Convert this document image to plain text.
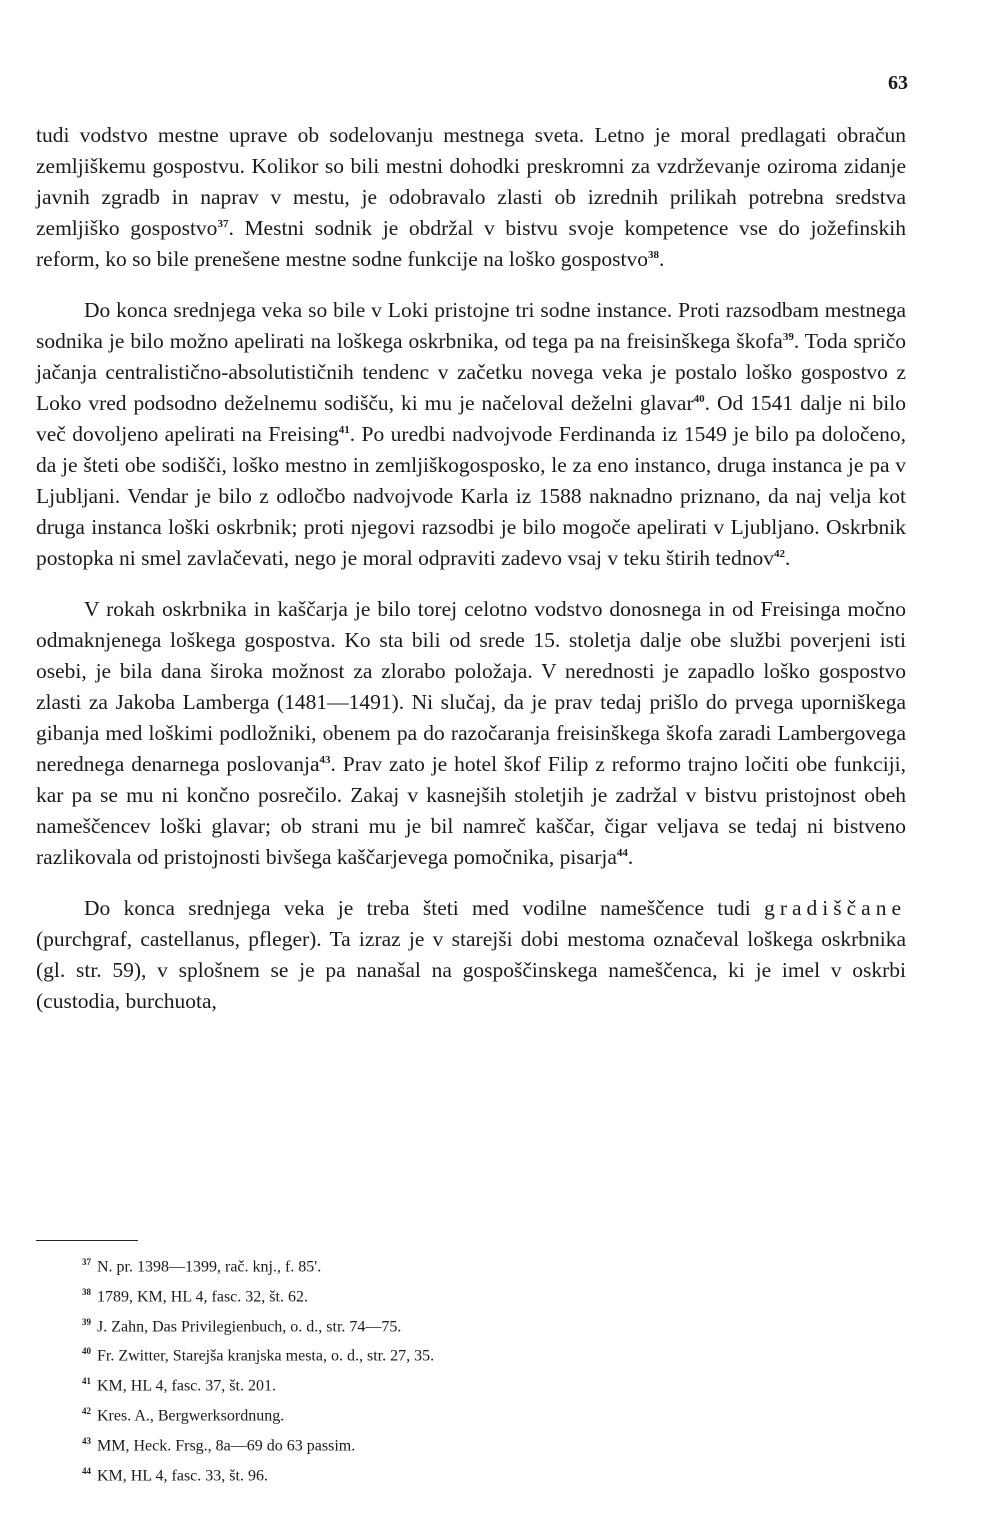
63

tudi vodstvo mestne uprave ob sodelovanju mestnega sveta. Letno je moral predlagati obračun zemljiškemu gospostvu. Kolikor so bili mestni dohodki preskromni za vzdrževanje oziroma zidanje javnih zgradb in naprav v mestu, je odobravalo zlasti ob izrednih prilikah potrebna sredstva zemljiško gospostvo$^{37}$. Mestni sodnik je obdržal v bistvu svoje kompetence vse do jožefinskih reform, ko so bile prenešene mestne sodne funkcije na loško gospostvo$^{38}$.

Do konca srednjega veka so bile v Loki pristojne tri sodne instance. Proti razsodbam mestnega sodnika je bilo možno apelirati na loškega oskrbnika, od tega pa na freisinškega škofa$^{39}$. Toda spričo jačanja centralistično-absolutističnih tendenc v začetku novega veka je postalo loško gospostvo z Loko vred podsodno deželnemu sodišču, ki mu je načeloval deželni glavar$^{40}$. Od 1541 dalje ni bilo več dovoljeno apelirati na Freising$^{41}$. Po uredbi nadvojvode Ferdinanda iz 1549 je bilo pa določeno, da je šteti obe sodišči, loško mestno in zemljiškogosposko, le za eno instanco, druga instanca je pa v Ljubljani. Vendar je bilo z odločbo nadvojvode Karla iz 1588 naknadno priznano, da naj velja kot druga instanca loški oskrbnik; proti njegovi razsodbi je bilo mogoče apelirati v Ljubljano. Oskrbnik postopka ni smel zavlačevati, nego je moral odpraviti zadevo vsaj v teku štirih tednov$^{42}$.

V rokah oskrbnika in kaščarja je bilo torej celotno vodstvo donosnega in od Freisinga močno odmaknjenega loškega gospostva. Ko sta bili od srede 15. stoletja dalje obe službi poverjeni isti osebi, je bila dana široka možnost za zlorabo položaja. V nerednosti je zapadlo loško gospostvo zlasti za Jakoba Lamberga (1481—1491). Ni slučaj, da je prav tedaj prišlo do prvega uporniškega gibanja med loškimi podložniki, obenem pa do razočaranja freisinškega škofa zaradi Lambergovega nerednega denarnega poslovanja$^{43}$. Prav zato je hotel škof Filip z reformo trajno ločiti obe funkciji, kar pa se mu ni končno posrečilo. Zakaj v kasnejših stoletjih je zadržal v bistvu pristojnost obeh nameščencev loški glavar; ob strani mu je bil namreč kaščar, čigar veljava se tedaj ni bistveno razlikovala od pristojnosti bivšega kaščarjevega pomočnika, pisarja$^{44}$.

Do konca srednjega veka je treba šteti med vodilne nameščence tudi gradiščane (purchgraf, castellanus, pfleger). Ta izraz je v starejši dobi mestoma označeval loškega oskrbnika (gl. str. 59), v splošnem se je pa nanašal na gospoščinskega nameščenca, ki je imel v oskrbi (custodia, burchuota,

$^{37}$ N. pr. 1398—1399, rač. knj., f. 85'.
$^{38}$ 1789, KM, HL 4, fasc. 32, št. 62.
$^{39}$ J. Zahn, Das Privilegienbuch, o. d., str. 74—75.
$^{40}$ Fr. Zwitter, Starejša kranjska mesta, o. d., str. 27, 35.
$^{41}$ KM, HL 4, fasc. 37, št. 201.
$^{42}$ Kres. A., Bergwerksordnung.
$^{43}$ MM, Heck. Frsg., 8a—69 do 63 passim.
$^{44}$ KM, HL 4, fasc. 33, št. 96.
